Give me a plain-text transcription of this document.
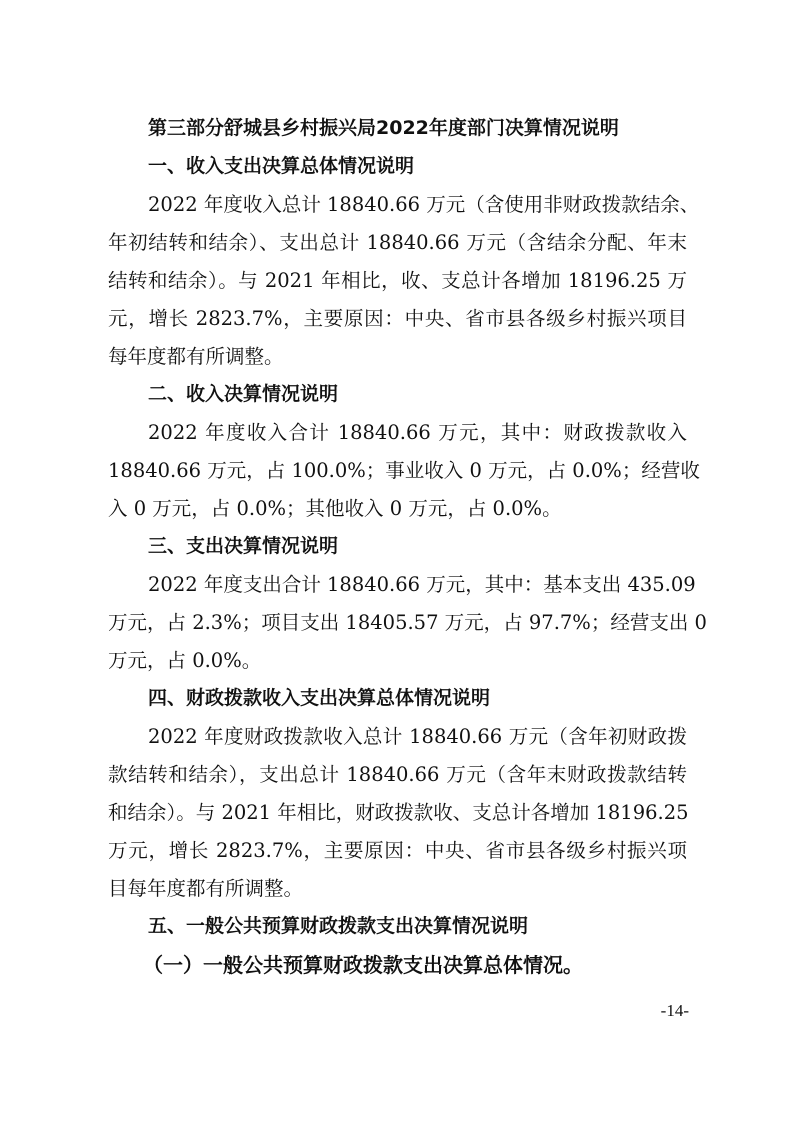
第三部分舒城县乡村振兴局2022年度部门决算情况说明
一、收入支出决算总体情况说明
2022 年度收入总计 18840.66 万元（含使用非财政拨款结余、
年初结转和结余）、支出总计 18840.66 万元（含结余分配、年末
结转和结余）。与 2021 年相比，收、支总计各增加 18196.25 万
元，增长 2823.7%，主要原因：中央、省市县各级乡村振兴项目
每年度都有所调整。
二、收入决算情况说明
2022 年度收入合计 18840.66 万元，其中：财政拨款收入
18840.66 万元，占 100.0%；事业收入 0 万元，占 0.0%；经营收
入 0 万元，占 0.0%；其他收入 0 万元，占 0.0%。
三、支出决算情况说明
2022 年度支出合计 18840.66 万元，其中：基本支出 435.09
万元，占 2.3%；项目支出 18405.57 万元，占 97.7%；经营支出 0
万元，占 0.0%。
四、财政拨款收入支出决算总体情况说明
2022 年度财政拨款收入总计 18840.66 万元（含年初财政拨
款结转和结余），支出总计 18840.66 万元（含年末财政拨款结转
和结余）。与 2021 年相比，财政拨款收、支总计各增加 18196.25
万元，增长 2823.7%，主要原因：中央、省市县各级乡村振兴项
目每年度都有所调整。
五、一般公共预算财政拨款支出决算情况说明
（一）一般公共预算财政拨款支出决算总体情况。
-14-
